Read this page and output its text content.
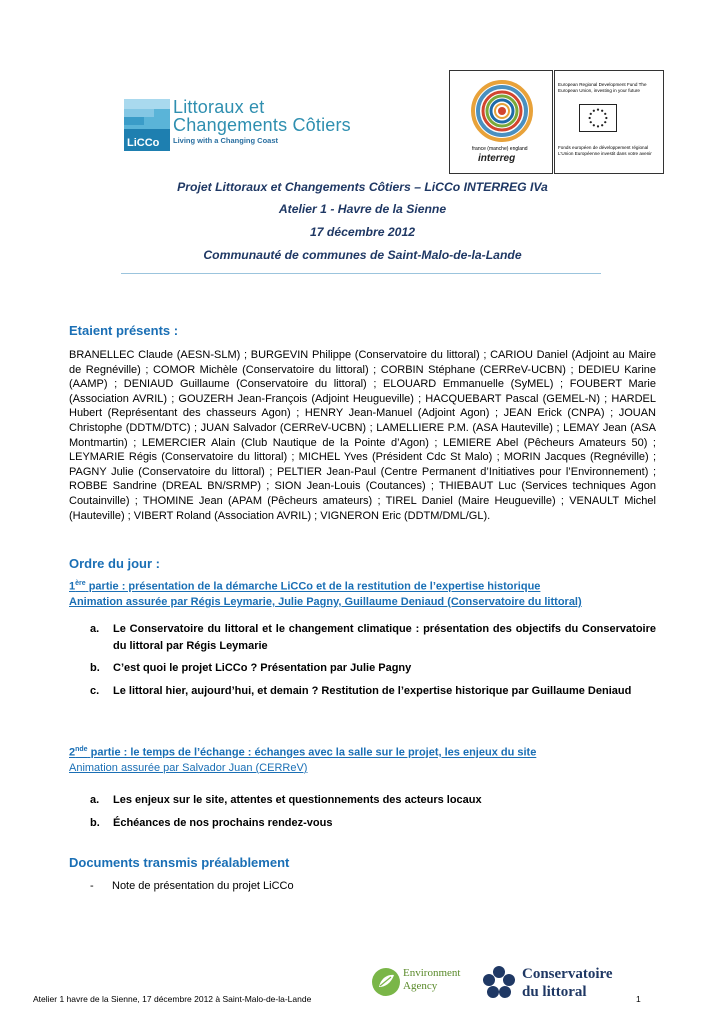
LiCCo
Littoraux et
Changements Côtiers
Living with a Changing Coast
france (manche) england
interreg
European Regional Development Fund The European Union, investing in your future
Fonds européen de développement régional L'Union Européenne investit dans votre avenir
Projet Littoraux et Changements Côtiers – LiCCo INTERREG IVa
Atelier 1 - Havre de la Sienne
17 décembre 2012
Communauté de communes de Saint-Malo-de-la-Lande
Etaient présents :
BRANELLEC Claude (AESN-SLM) ; BURGEVIN Philippe (Conservatoire du littoral) ; CARIOU Daniel (Adjoint au Maire de Regnéville) ; COMOR Michèle (Conservatoire du littoral) ; CORBIN Stéphane (CERReV-UCBN) ; DEDIEU Karine (AAMP) ; DENIAUD Guillaume (Conservatoire du littoral) ; ELOUARD Emmanuelle (SyMEL) ; FOUBERT Marie (Association AVRIL) ; GOUZERH Jean-François (Adjoint Heugueville) ; HACQUEBART Pascal (GEMEL-N) ; HARDEL Hubert (Représentant des chasseurs Agon) ; HENRY Jean-Manuel (Adjoint Agon) ; JEAN Erick (CNPA) ; JOUAN Christophe (DDTM/DTC) ; JUAN Salvador (CERReV-UCBN) ; LAMELLIERE P.M. (ASA Hauteville) ; LEMAY Jean (ASA Montmartin) ; LEMERCIER Alain (Club Nautique de la Pointe d’Agon) ; LEMIERE Abel (Pêcheurs Amateurs 50) ; LEYMARIE Régis (Conservatoire du littoral) ; MICHEL Yves (Président Cdc St Malo) ; MORIN Jacques (Regnéville) ; PAGNY Julie (Conservatoire du littoral) ; PELTIER Jean-Paul (Centre Permanent d’Initiatives pour l’Environnement) ; ROBBE Sandrine (DREAL BN/SRMP) ; SION Jean-Louis (Coutances) ; THIEBAUT Luc (Services techniques Agon Coutainville) ; THOMINE Jean (APAM (Pêcheurs amateurs) ; TIREL Daniel (Maire Heugueville) ; VENAULT Michel (Hauteville) ; VIBERT Roland (Association AVRIL) ; VIGNERON Eric (DDTM/DML/GL).
Ordre du jour :
1ère partie : présentation de la démarche LiCCo et de la restitution de l’expertise historique
Animation assurée par Régis Leymarie, Julie Pagny, Guillaume Deniaud (Conservatoire du littoral)
a. Le Conservatoire du littoral et le changement climatique : présentation des objectifs du Conservatoire du littoral par Régis Leymarie
b. C’est quoi le projet LiCCo ? Présentation par Julie Pagny
c. Le littoral hier, aujourd’hui, et demain ? Restitution de l’expertise historique par Guillaume Deniaud
2nde partie : le temps de l’échange : échanges avec la salle sur le projet, les enjeux du site
Animation assurée par Salvador Juan (CERReV)
a. Les enjeux sur le site, attentes et questionnements des acteurs locaux
b. Échéances de nos prochains rendez-vous
Documents transmis préalablement
- Note de présentation du projet LiCCo
Environment
Agency
Conservatoire
du littoral
Atelier 1 havre de la Sienne, 17 décembre 2012 à Saint-Malo-de-la-Lande	1
